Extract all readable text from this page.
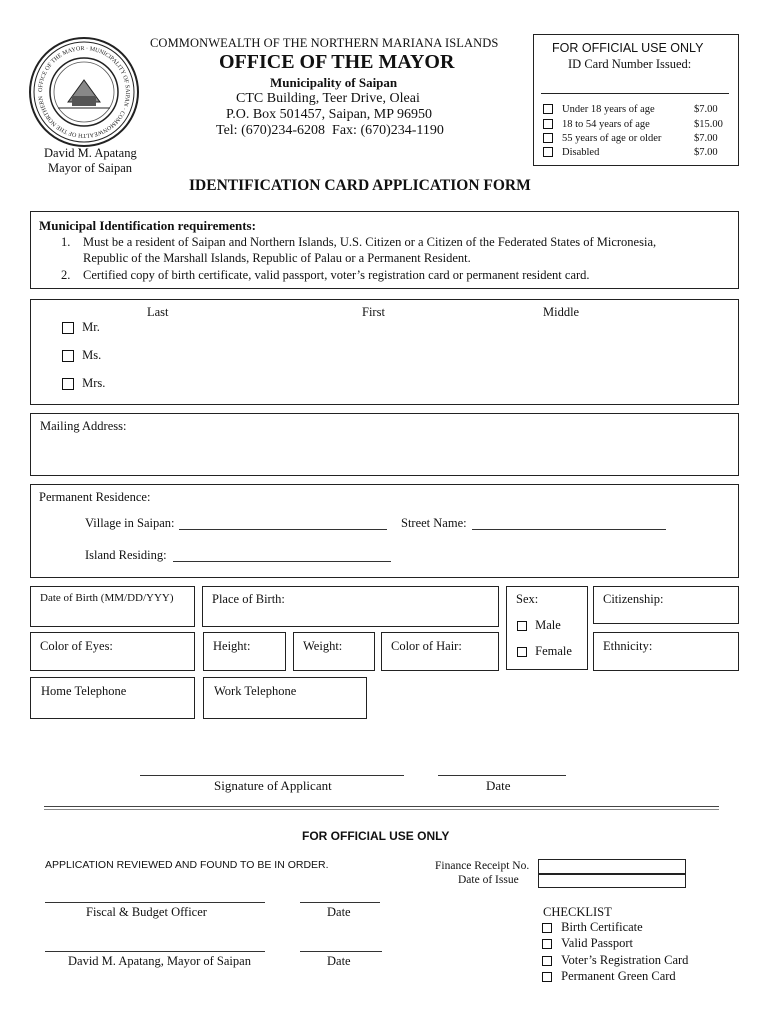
OFFICE OF THE MAYOR · MUNICIPALITY OF SAIPAN · COMMONWEALTH OF THE NORTHERN
David M. Apatang
Mayor of Saipan
COMMONWEALTH OF THE NORTHERN MARIANA ISLANDS
OFFICE OF THE MAYOR
Municipality of Saipan
CTC Building, Teer Drive, Oleai
P.O. Box 501457, Saipan, MP 96950
Tel: (670)234-6208  Fax: (670)234-1190
FOR OFFICIAL USE ONLY
ID Card Number Issued:
Under 18 years of age	$7.00
18 to 54 years of age	$15.00
55 years of age or older	$7.00
Disabled	$7.00
IDENTIFICATION CARD APPLICATION FORM
Municipal Identification requirements:
1. Must be a resident of Saipan and Northern Islands, U.S. Citizen or a Citizen of the Federated States of Micronesia,
Republic of the Marshall Islands, Republic of Palau or a Permanent Resident.
2. Certified copy of birth certificate, valid passport, voter’s registration card or permanent resident card.
Last	First	Middle
Mr.
Ms.
Mrs.
Mailing Address:
Permanent Residence:
Village in Saipan:	Street Name:
Island Residing:
Date of Birth (MM/DD/YYY)	Place of Birth:	Sex:
Male
Female
Citizenship:
Color of Eyes:	Height:	Weight:	Color of Hair:	Ethnicity:
Home Telephone	Work Telephone
Signature of Applicant	Date
FOR OFFICIAL USE ONLY
APPLICATION REVIEWED AND FOUND TO BE IN ORDER.	Finance Receipt No.
Date of Issue
Fiscal & Budget Officer	Date
David M. Apatang, Mayor of Saipan	Date
CHECKLIST
Birth Certificate
Valid Passport
Voter’s Registration Card
Permanent Green Card
